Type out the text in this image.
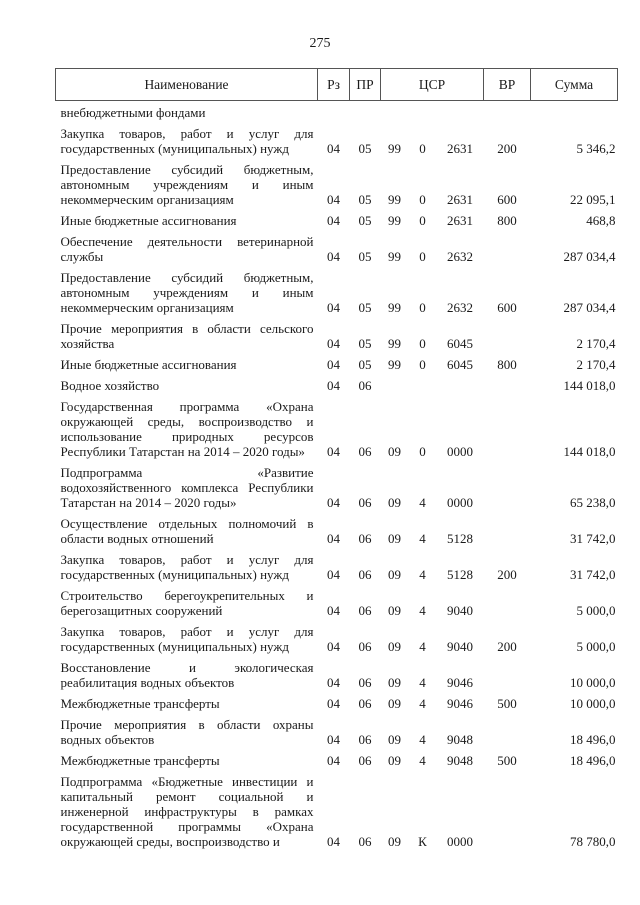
275
Наименование	Рз	ПР	ЦСР			ВР	Сумма
внебюджетными фондами							
Закупка товаров, работ и услуг для государственных (муниципальных) нужд	04	05	99	0	2631	200	5 346,2
Предоставление субсидий бюджетным, автономным учреждениям и иным некоммерческим организациям	04	05	99	0	2631	600	22 095,1
Иные бюджетные ассигнования	04	05	99	0	2631	800	468,8
Обеспечение деятельности ветеринарной службы	04	05	99	0	2632		287 034,4
Предоставление субсидий бюджетным, автономным учреждениям и иным некоммерческим организациям	04	05	99	0	2632	600	287 034,4
Прочие мероприятия в области сельского хозяйства	04	05	99	0	6045		2 170,4
Иные бюджетные ассигнования	04	05	99	0	6045	800	2 170,4
Водное хозяйство	04	06					144 018,0
Государственная программа «Охрана окружающей среды, воспроизводство и использование природных ресурсов Республики Татарстан на 2014 – 2020 годы»	04	06	09	0	0000		144 018,0
Подпрограмма «Развитие водохозяйственного комплекса Республики Татарстан на 2014 – 2020 годы»	04	06	09	4	0000		65 238,0
Осуществление отдельных полномочий в области водных отношений	04	06	09	4	5128		31 742,0
Закупка товаров, работ и услуг для государственных (муниципальных) нужд	04	06	09	4	5128	200	31 742,0
Строительство берегоукрепительных и берегозащитных сооружений	04	06	09	4	9040		5 000,0
Закупка товаров, работ и услуг для государственных (муниципальных) нужд	04	06	09	4	9040	200	5 000,0
Восстановление и экологическая реабилитация водных объектов	04	06	09	4	9046		10 000,0
Межбюджетные трансферты	04	06	09	4	9046	500	10 000,0
Прочие мероприятия в области охраны водных объектов	04	06	09	4	9048		18 496,0
Межбюджетные трансферты	04	06	09	4	9048	500	18 496,0
Подпрограмма «Бюджетные инвестиции и капитальный ремонт социальной и инженерной инфраструктуры в рамках государственной программы «Охрана окружающей среды, воспроизводство и	04	06	09	К	0000		78 780,0
